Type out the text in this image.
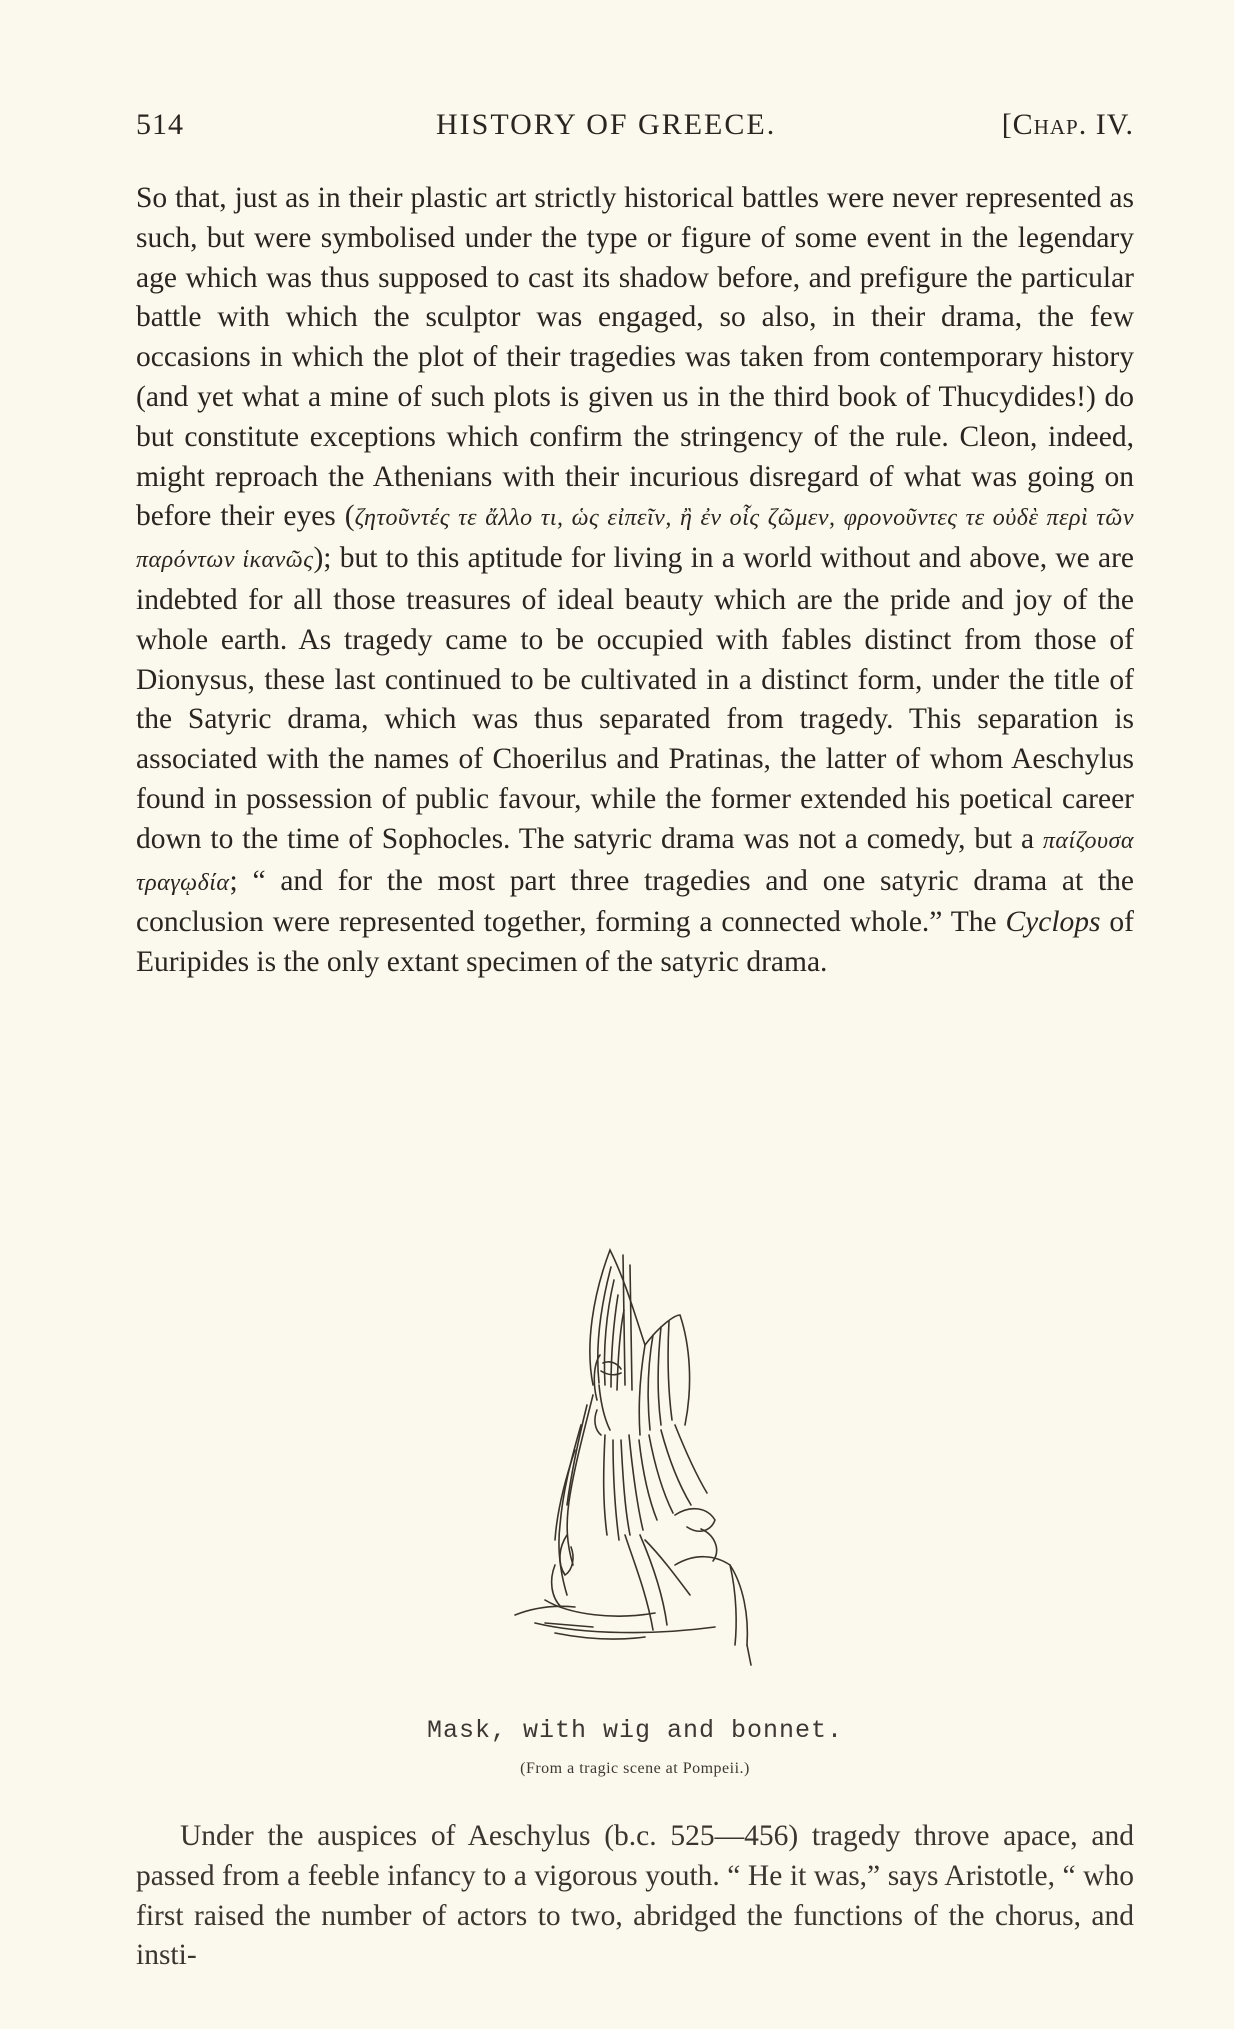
514	HISTORY OF GREECE.	[Chap. IV.

So that, just as in their plastic art strictly historical battles were never represented as such, but were symbolised under the type or figure of some event in the legendary age which was thus supposed to cast its shadow before, and prefigure the particular battle with which the sculptor was engaged, so also, in their drama, the few occasions in which the plot of their tragedies was taken from contemporary history (and yet what a mine of such plots is given us in the third book of Thucydides!) do but constitute exceptions which confirm the stringency of the rule. Cleon, indeed, might reproach the Athenians with their incurious disregard of what was going on before their eyes (ζητοῦντές τε ἄλλο τι, ὡς εἰπεῖν, ἢ ἐν οἷς ζῶμεν, φρονοῦντες τε οὐδὲ περὶ τῶν παρόντων ἱκανῶς); but to this aptitude for living in a world without and above, we are indebted for all those treasures of ideal beauty which are the pride and joy of the whole earth. As tragedy came to be occupied with fables distinct from those of Dionysus, these last continued to be cultivated in a distinct form, under the title of the Satyric drama, which was thus separated from tragedy. This separation is associated with the names of Choerilus and Pratinas, the latter of whom Aeschylus found in possession of public favour, while the former extended his poetical career down to the time of Sophocles. The satyric drama was not a comedy, but a παίζουσα τραγῳδία; “ and for the most part three tragedies and one satyric drama at the conclusion were represented together, forming a connected whole.” The Cyclops of Euripides is the only extant specimen of the satyric drama.

Mask, with wig and bonnet.

(From a tragic scene at Pompeii.)

Under the auspices of Aeschylus (b.c. 525—456) tragedy throve apace, and passed from a feeble infancy to a vigorous youth. “ He it was,” says Aristotle, “ who first raised the number of actors to two, abridged the functions of the chorus, and insti-
